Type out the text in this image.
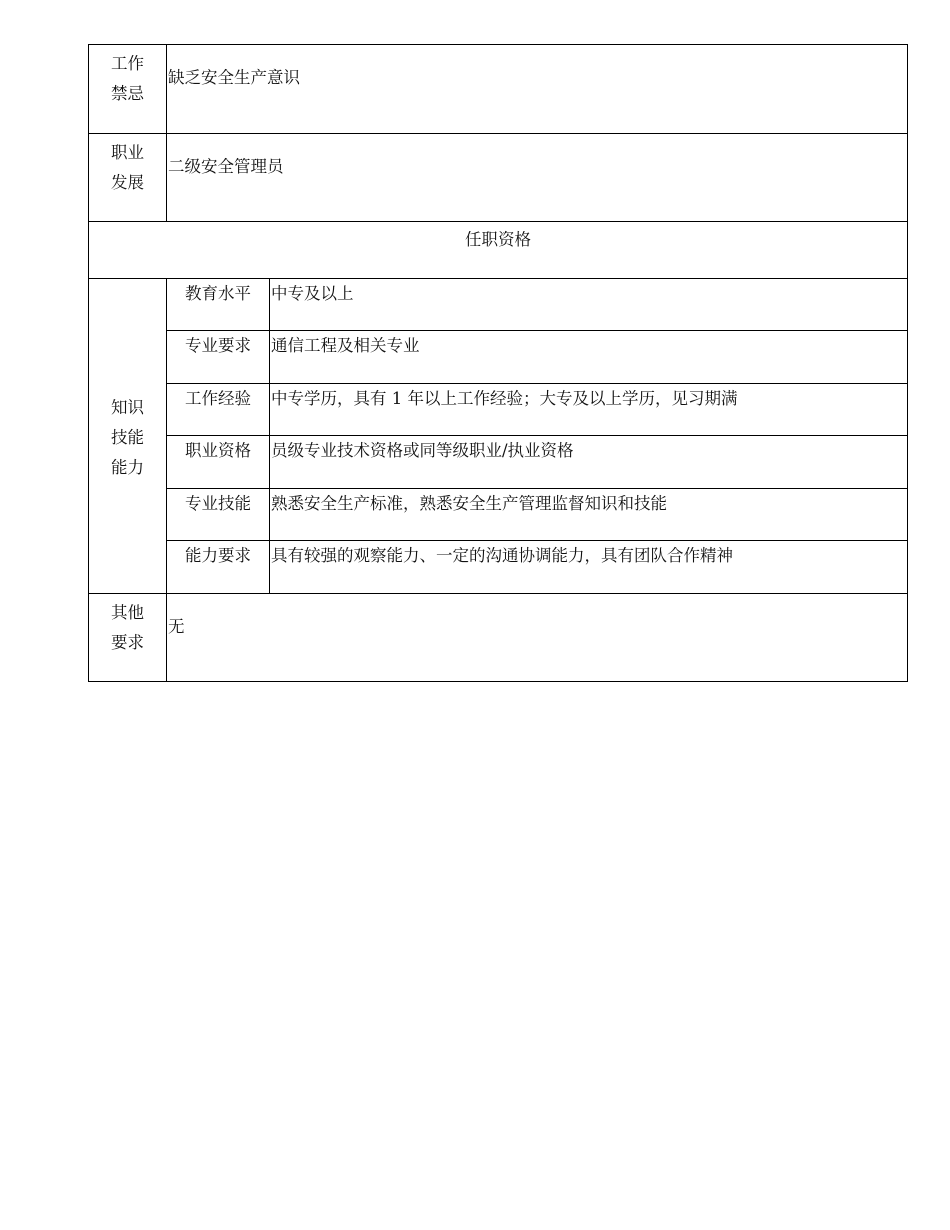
工作
禁忌	缺乏安全生产意识	

职业
发展	二级安全管理员	
任职资格		

知识
技能
能力	教育水平	中专及以上
	专业要求	通信工程及相关专业
	工作经验	中专学历，具有 1 年以上工作经验；大专及以上学历，见习期满
	职业资格	员级专业技术资格或同等级职业/执业资格
	专业技能	熟悉安全生产标准，熟悉安全生产管理监督知识和技能
	能力要求	具有较强的观察能力、一定的沟通协调能力，具有团队合作精神

其他
要求	无	
